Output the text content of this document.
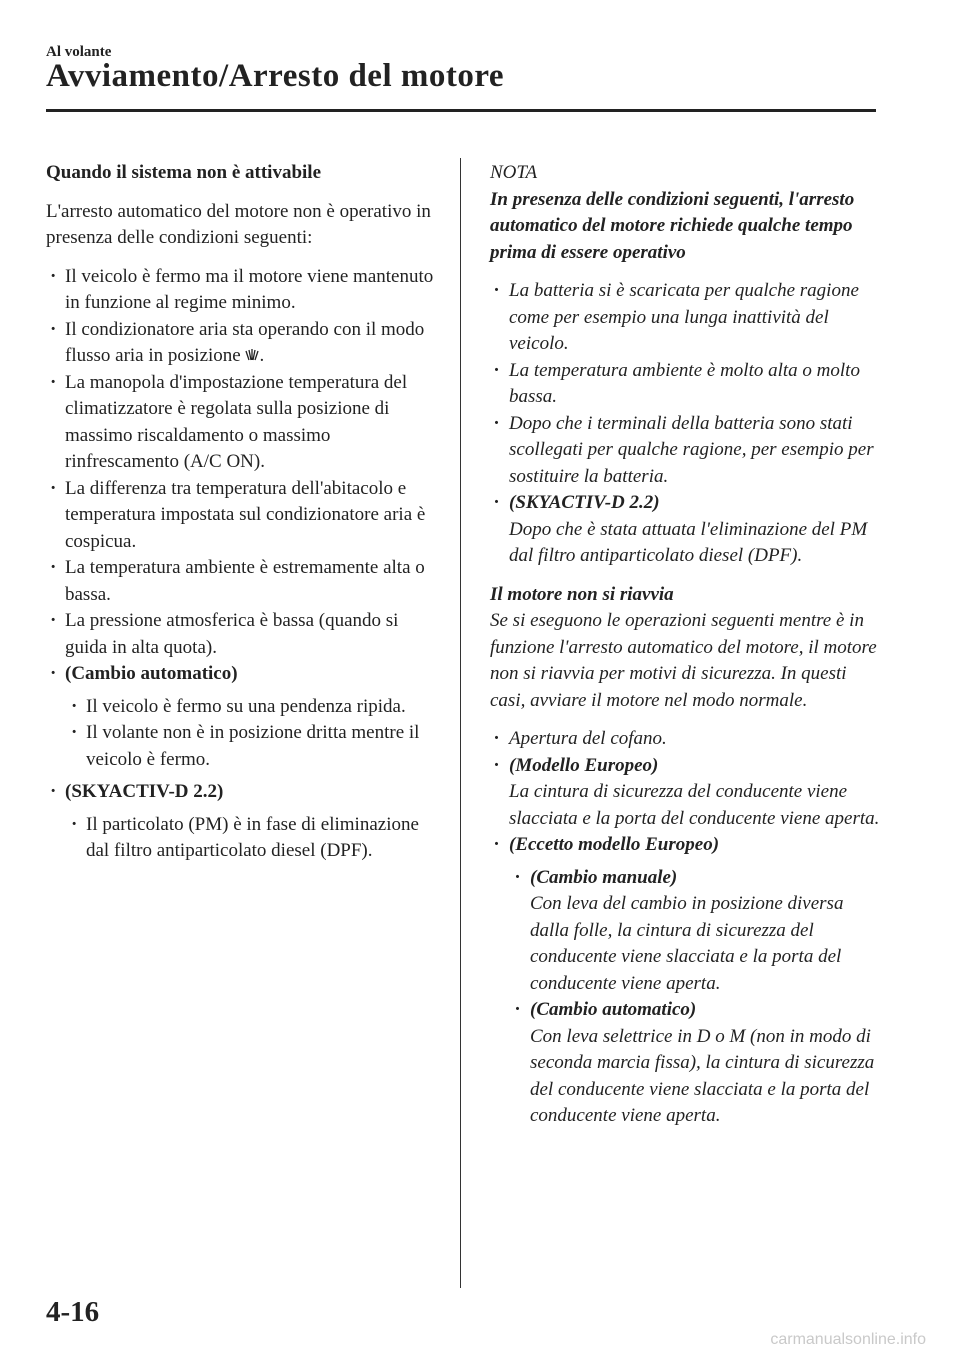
Al volante
Avviamento/Arresto del motore
Quando il sistema non è attivabile
L'arresto automatico del motore non è operativo in presenza delle condizioni seguenti:
· Il veicolo è fermo ma il motore viene mantenuto in funzione al regime minimo.
· Il condizionatore aria sta operando con il modo flusso aria in posizione .
· La manopola d'impostazione temperatura del climatizzatore è regolata sulla posizione di massimo riscaldamento o massimo rinfrescamento (A/C ON).
· La differenza tra temperatura dell'abitacolo e temperatura impostata sul condizionatore aria è cospicua.
· La temperatura ambiente è estremamente alta o bassa.
· La pressione atmosferica è bassa (quando si guida in alta quota).
· (Cambio automatico)
· Il veicolo è fermo su una pendenza ripida.
· Il volante non è in posizione dritta mentre il veicolo è fermo.
· (SKYACTIV-D 2.2)
· Il particolato (PM) è in fase di eliminazione dal filtro antiparticolato diesel (DPF).
NOTA
In presenza delle condizioni seguenti, l'arresto automatico del motore richiede qualche tempo prima di essere operativo
· La batteria si è scaricata per qualche ragione come per esempio una lunga inattività del veicolo.
· La temperatura ambiente è molto alta o molto bassa.
· Dopo che i terminali della batteria sono stati scollegati per qualche ragione, per esempio per sostituire la batteria.
· (SKYACTIV-D 2.2)
Dopo che è stata attuata l'eliminazione del PM dal filtro antiparticolato diesel (DPF).
Il motore non si riavvia
Se si eseguono le operazioni seguenti mentre è in funzione l'arresto automatico del motore, il motore non si riavvia per motivi di sicurezza. In questi casi, avviare il motore nel modo normale.
· Apertura del cofano.
· (Modello Europeo)
La cintura di sicurezza del conducente viene slacciata e la porta del conducente viene aperta.
· (Eccetto modello Europeo)
· (Cambio manuale)
Con leva del cambio in posizione diversa dalla folle, la cintura di sicurezza del conducente viene slacciata e la porta del conducente viene aperta.
· (Cambio automatico)
Con leva selettrice in D o M (non in modo di seconda marcia fissa), la cintura di sicurezza del conducente viene slacciata e la porta del conducente viene aperta.
4-16
carmanualsonline.info
